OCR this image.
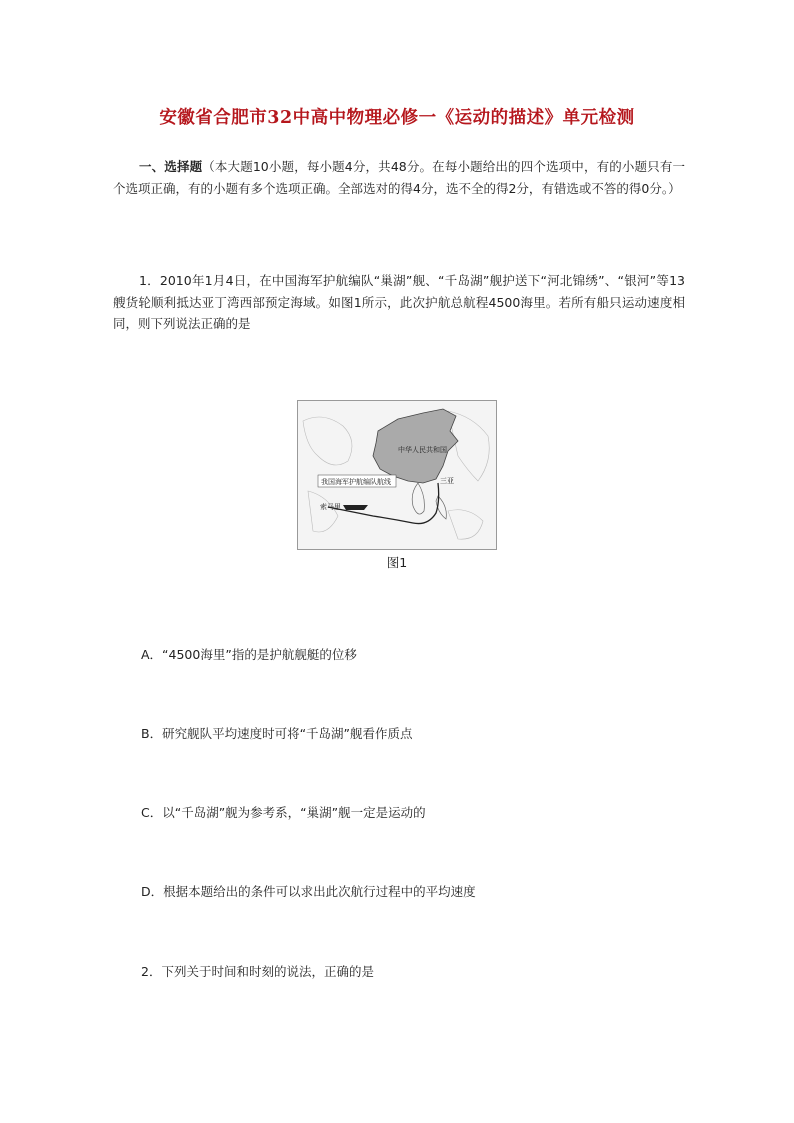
安徽省合肥市32中高中物理必修一《运动的描述》单元检测
一、选择题（本大题10小题，每小题4分，共48分。在每小题给出的四个选项中，有的小题只有一个选项正确，有的小题有多个选项正确。全部选对的得4分，选不全的得2分，有错选或不答的得0分。）
1．2010年1月4日，在中国海军护航编队“巢湖”舰、“千岛湖”舰护送下“河北锦绣”、“银河”等13艘货轮顺利抵达亚丁湾西部预定海域。如图1所示，此次护航总航程4500海里。若所有船只运动速度相同，则下列说法正确的是
我国海军护航编队航线
中华人民共和国
三亚
索马里
图1
A．“4500海里”指的是护航舰艇的位移
B．研究舰队平均速度时可将“千岛湖”舰看作质点
C．以“千岛湖”舰为参考系，“巢湖”舰一定是运动的
D．根据本题给出的条件可以求出此次航行过程中的平均速度
2．下列关于时间和时刻的说法，正确的是
